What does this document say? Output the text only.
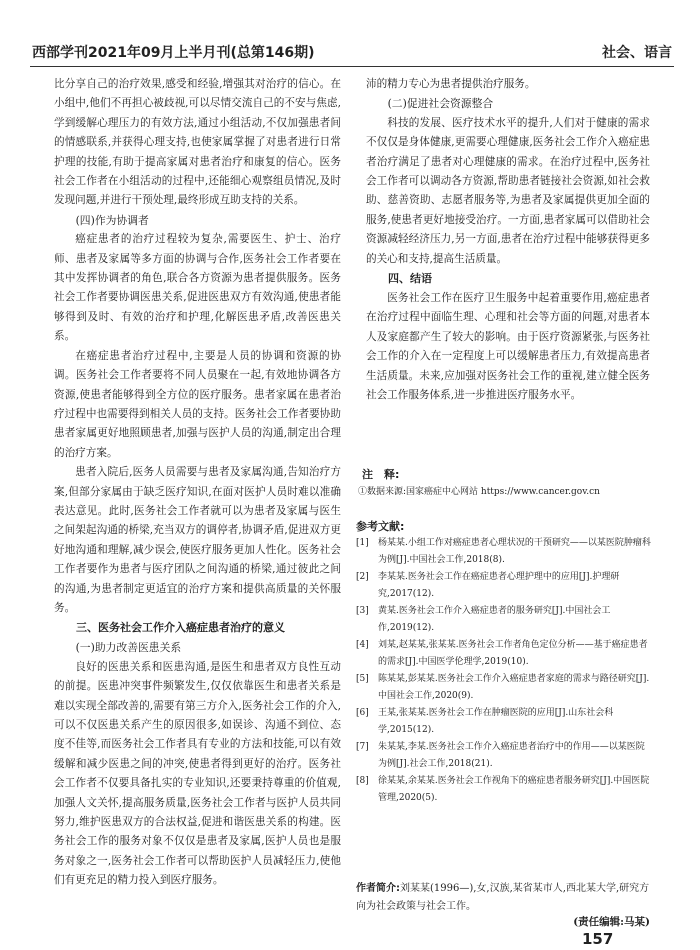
西部学刊2021年09月上半月刊(总第146期)	社会、语言

比分享自己的治疗效果,感受和经验,增强其对治疗的信心。在小组中,他们不再担心被歧视,可以尽情交流自己的不安与焦虑,学到缓解心理压力的有效方法,通过小组活动,不仅加强患者间的情感联系,并获得心理支持,也使家属掌握了对患者进行日常护理的技能,有助于提高家属对患者治疗和康复的信心。医务社会工作者在小组活动的过程中,还能细心观察组员情况,及时发现问题,并进行干预处理,最终形成互助支持的关系。

(四)作为协调者

癌症患者的治疗过程较为复杂,需要医生、护士、治疗师、患者及家属等多方面的协调与合作,医务社会工作者要在其中发挥协调者的角色,联合各方资源为患者提供服务。医务社会工作者要协调医患关系,促进医患双方有效沟通,使患者能够得到及时、有效的治疗和护理,化解医患矛盾,改善医患关系。

在癌症患者治疗过程中,主要是人员的协调和资源的协调。医务社会工作者要将不同人员聚在一起,有效地协调各方资源,使患者能够得到全方位的医疗服务。患者家属在患者治疗过程中也需要得到相关人员的支持。医务社会工作者要协助患者家属更好地照顾患者,加强与医护人员的沟通,制定出合理的治疗方案。

患者入院后,医务人员需要与患者及家属沟通,告知治疗方案,但部分家属由于缺乏医疗知识,在面对医护人员时难以准确表达意见。此时,医务社会工作者就可以为患者及家属与医生之间架起沟通的桥梁,充当双方的调停者,协调矛盾,促进双方更好地沟通和理解,减少误会,使医疗服务更加人性化。医务社会工作者要作为患者与医疗团队之间沟通的桥梁,通过彼此之间的沟通,为患者制定更适宜的治疗方案和提供高质量的关怀服务。

三、医务社会工作介入癌症患者治疗的意义
(一)助力改善医患关系

良好的医患关系和医患沟通,是医生和患者双方良性互动的前提。医患冲突事件频繁发生,仅仅依靠医生和患者关系是难以实现全部改善的,需要有第三方介入,医务社会工作的介入,可以不仅医患关系产生的原因很多,如误诊、沟通不到位、态度不佳等,而医务社会工作者具有专业的方法和技能,可以有效缓解和减少医患之间的冲突,使患者得到更好的治疗。医务社会工作者不仅要具备扎实的专业知识,还要秉持尊重的价值观,加强人文关怀,提高服务质量,医务社会工作者与医护人员共同努力,维护医患双方的合法权益,促进和谐医患关系的构建。医务社会工作的服务对象不仅仅是患者及家属,医护人员也是服务对象之一,医务社会工作者可以帮助医护人员减轻压力,使他们有更充足的精力投入到医疗服务。

沛的精力专心为患者提供治疗服务。

(二)促进社会资源整合

科技的发展、医疗技术水平的提升,人们对于健康的需求不仅仅是身体健康,更需要心理健康,医务社会工作介入癌症患者治疗满足了患者对心理健康的需求。在治疗过程中,医务社会工作者可以调动各方资源,帮助患者链接社会资源,如社会救助、慈善资助、志愿者服务等,为患者及家属提供更加全面的服务,使患者更好地接受治疗。一方面,患者家属可以借助社会资源减轻经济压力,另一方面,患者在治疗过程中能够获得更多的关心和支持,提高生活质量。

四、结语

医务社会工作在医疗卫生服务中起着重要作用,癌症患者在治疗过程中面临生理、心理和社会等方面的问题,对患者本人及家庭都产生了较大的影响。由于医疗资源紧张,与医务社会工作的介入在一定程度上可以缓解患者压力,有效提高患者生活质量。未来,应加强对医务社会工作的重视,建立健全医务社会工作服务体系,进一步推进医疗服务水平。

注　释:
①数据来源:国家癌症中心网站 https://www.cancer.gov.cn
参考文献:
[1] 杨某某.小组工作对癌症患者心理状况的干预研究——以某医院肿瘤科为例[J].中国社会工作,2018(8).
[2] 李某某.医务社会工作在癌症患者心理护理中的应用[J].护理研究,2017(12).
[3] 黄某.医务社会工作介入癌症患者的服务研究[J].中国社会工作,2019(12).
[4] 刘某,赵某某,张某某.医务社会工作者角色定位分析——基于癌症患者的需求[J].中国医学伦理学,2019(10).
[5] 陈某某,彭某某.医务社会工作介入癌症患者家庭的需求与路径研究[J].中国社会工作,2020(9).
[6] 王某,张某某.医务社会工作在肿瘤医院的应用[J].山东社会科学,2015(12).
[7] 朱某某,李某.医务社会工作介入癌症患者治疗中的作用——以某医院为例[J].社会工作,2018(21).
[8] 徐某某,余某某.医务社会工作视角下的癌症患者服务研究[J].中国医院管理,2020(5).
作者简介:刘某某(1996—),女,汉族,某省某市人,西北某大学,研究方向为社会政策与社会工作。
(责任编辑:马某)
157
